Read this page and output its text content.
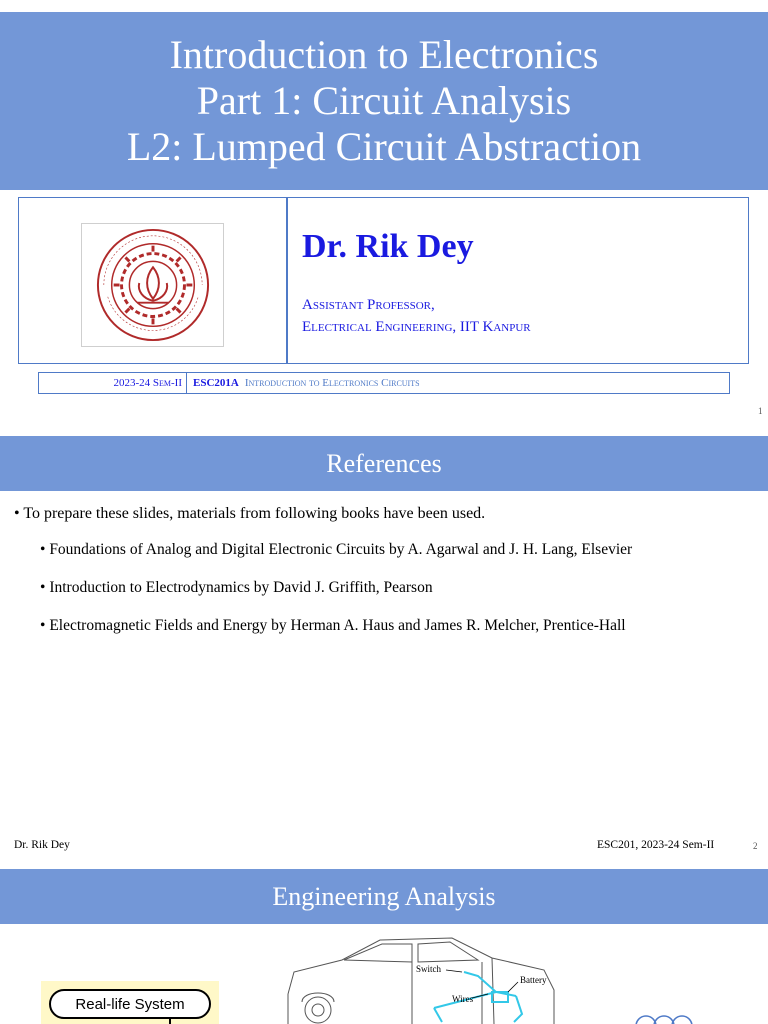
Introduction to Electronics
Part 1: Circuit Analysis
L2: Lumped Circuit Abstraction
Dr. Rik Dey
Assistant Professor,
Electrical Engineering, IIT Kanpur
2023-24 Sem-II	ESC201A Introduction to Electronics Circuits
1
References
• To prepare these slides, materials from following books have been used.
• Foundations of Analog and Digital Electronic Circuits by A. Agarwal and J. H. Lang, Elsevier
• Introduction to Electrodynamics by David J. Griffith, Pearson
• Electromagnetic Fields and Energy by Herman A. Haus and James R. Melcher, Prentice-Hall
Dr. Rik Dey	ESC201, 2023-24 Sem-II	2
Engineering Analysis
Real-life System
Switch
Battery
Wires
